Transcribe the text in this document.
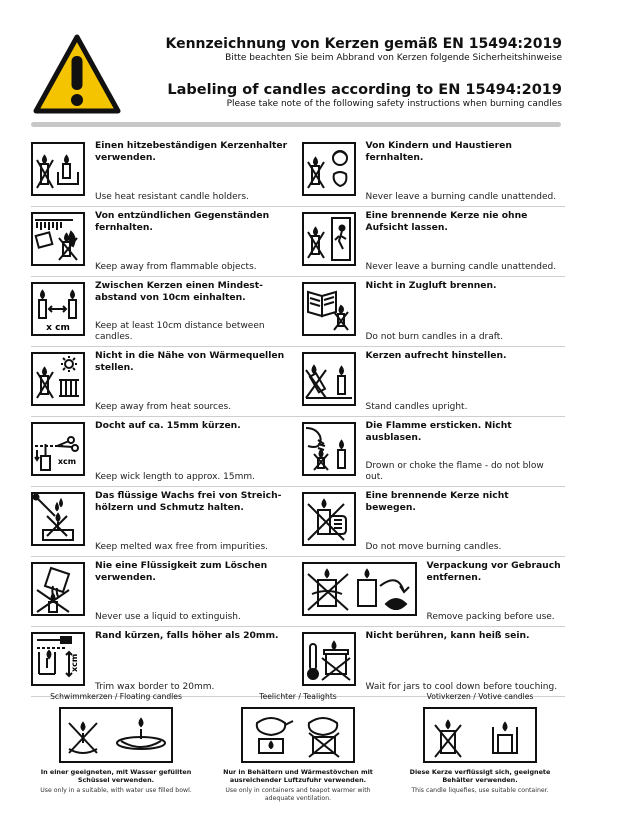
Kennzeichnung von Kerzen gemäß EN 15494:2019
Bitte beachten Sie beim Abbrand von Kerzen folgende Sicherheitshinweise
Labeling of candles according to EN 15494:2019
Please take note of the following safety instructions when burning candles
Einen hitzebeständigen Kerzenhalter verwenden.
Use heat resistant candle holders.
Von Kindern und Haustieren fernhalten.
Never leave a burning candle unattended.
Von entzündlichen Gegenständen fernhalten.
Keep away from flammable objects.
Eine brennende Kerze nie ohne Aufsicht lassen.
Never leave a burning candle unattended.
x cm
Zwischen Kerzen einen Mindest-abstand von 10cm einhalten.
Keep at least 10cm distance between candles.
Nicht in Zugluft brennen.
Do not burn candles in a draft.
Nicht in die Nähe von Wärmequellen stellen.
Keep away from heat sources.
Kerzen aufrecht hinstellen.
Stand candles upright.
xcm
Docht auf ca. 15mm kürzen.
Keep wick length to approx. 15mm.
Die Flamme ersticken. Nicht ausblasen.
Drown or choke the flame - do not blow out.
Das flüssige Wachs frei von Streich-hölzern und Schmutz halten.
Keep melted wax free from impurities.
Eine brennende Kerze nicht bewegen.
Do not move burning candles.
Nie eine Flüssigkeit zum Löschen verwenden.
Never use a liquid to extinguish.
Verpackung vor Gebrauch entfernen.
Remove packing before use.
xcm
Rand kürzen, falls höher als 20mm.
Trim wax border to 20mm.
Nicht berühren, kann heiß sein.
Wait for jars to cool down before touching.
Schwimmkerzen / Floating candles
In einer geeigneten, mit Wasser gefüllten Schüssel verwenden.
Use only in a suitable, with water use filled bowl.
Teelichter / Tealights
Nur in Behältern und Wärmestövchen mit ausreichender Luftzufuhr verwenden.
Use only in containers and teapot warmer with adequate ventilation.
Votivkerzen / Votive candles
Diese Kerze verflüssigt sich, geeignete Behälter verwenden.
This candle liquefies, use suitable container.
